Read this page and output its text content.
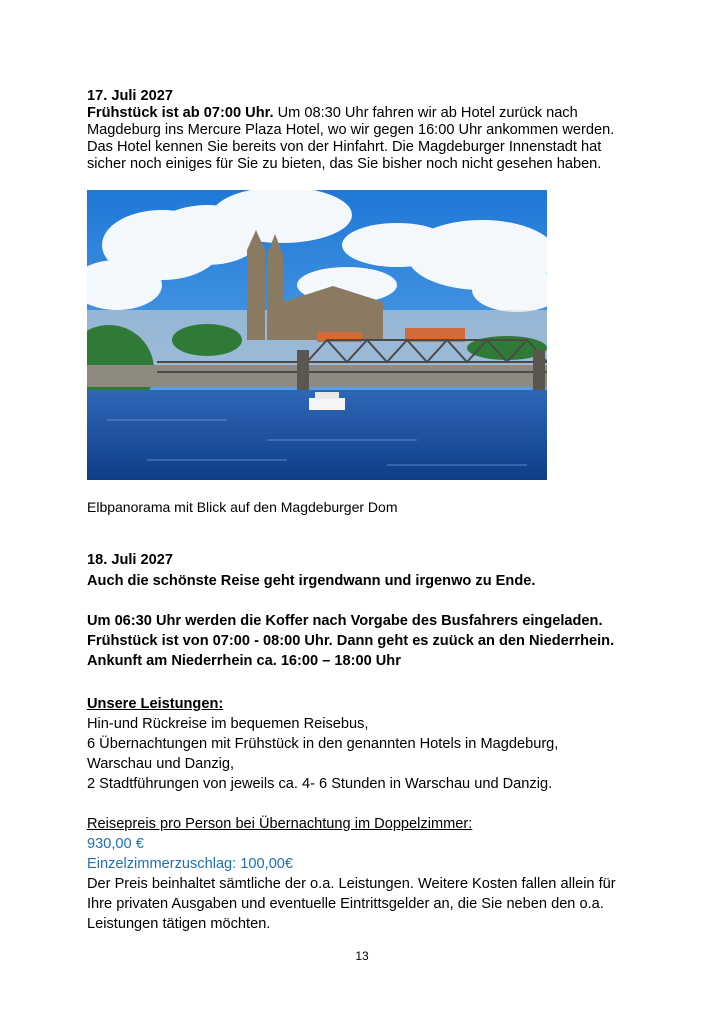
17. Juli 2027
Frühstück ist ab 07:00 Uhr. Um 08:30 Uhr fahren wir ab Hotel zurück nach
Magdeburg ins Mercure Plaza Hotel, wo wir gegen 16:00 Uhr ankommen werden.
Das Hotel kennen Sie bereits von der Hinfahrt. Die Magdeburger Innenstadt hat
sicher noch einiges für Sie zu bieten, das Sie bisher noch nicht gesehen haben.
Elbpanorama mit Blick auf den Magdeburger Dom
18. Juli 2027
Auch die schönste Reise geht irgendwann und irgenwo zu Ende.
Um 06:30 Uhr werden die Koffer nach Vorgabe des Busfahrers eingeladen.
Frühstück ist von 07:00 - 08:00 Uhr. Dann geht es zuück an den Niederrhein.
Ankunft am Niederrhein ca. 16:00 – 18:00 Uhr
Unsere Leistungen:
Hin-und Rückreise im bequemen Reisebus,
6 Übernachtungen mit Frühstück in den genannten Hotels in Magdeburg,
Warschau und Danzig,
2 Stadtführungen von jeweils ca. 4- 6 Stunden in Warschau und Danzig.
Reisepreis pro Person bei Übernachtung im Doppelzimmer:
930,00 €
Einzelzimmerzuschlag: 100,00€
Der Preis beinhaltet sämtliche der o.a. Leistungen. Weitere Kosten fallen allein für
Ihre privaten Ausgaben und eventuelle Eintrittsgelder an, die Sie neben den o.a.
Leistungen tätigen möchten.
13
